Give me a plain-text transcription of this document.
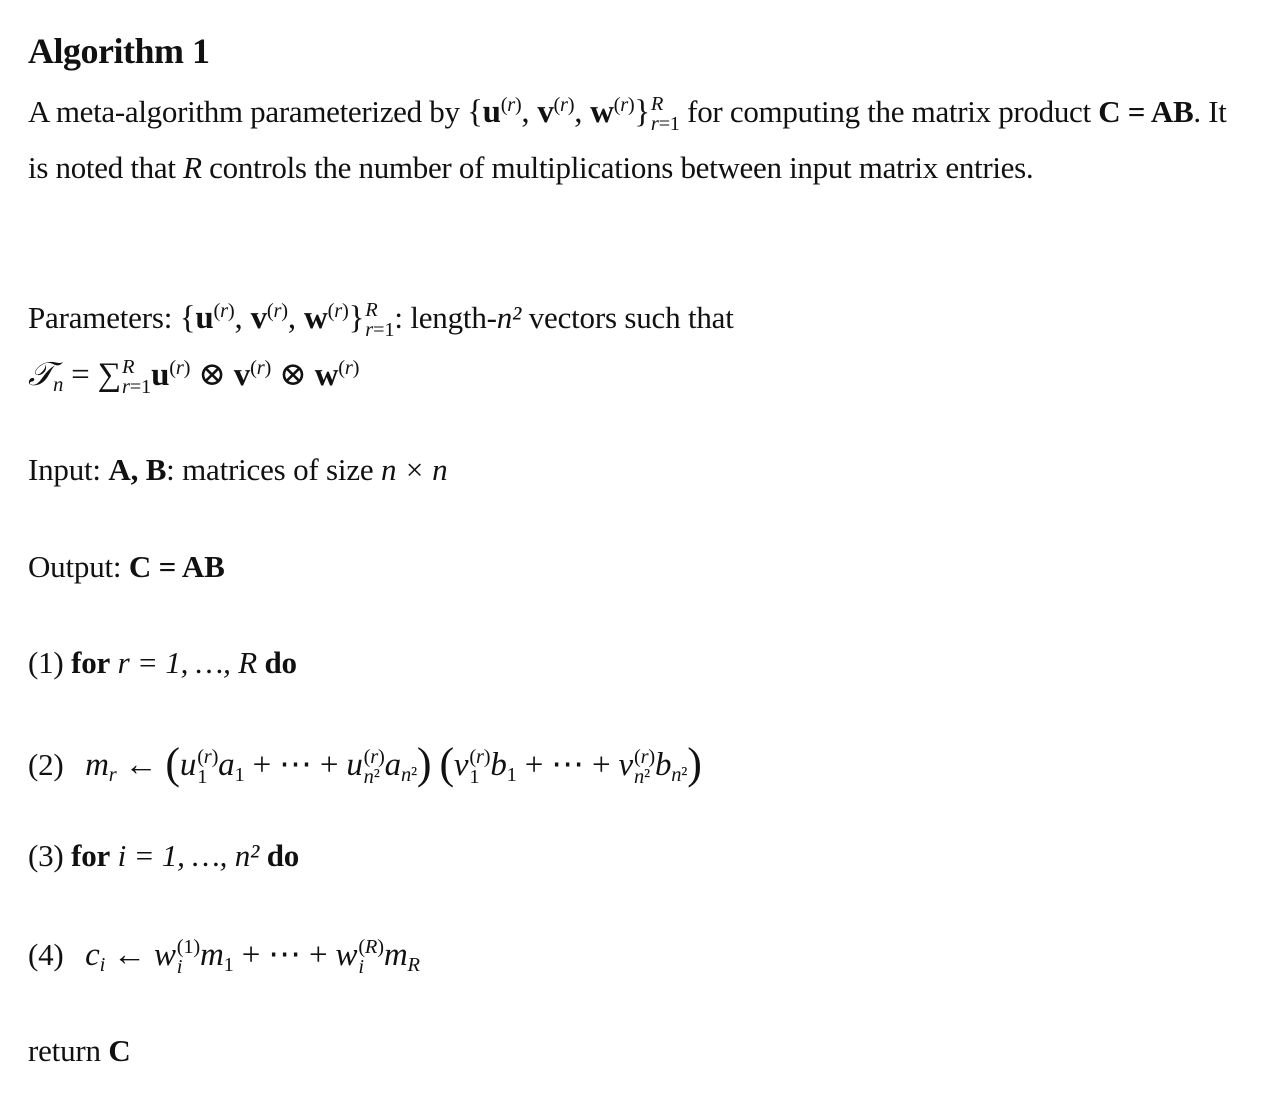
Algorithm 1
A meta-algorithm parameterized by {$u^{(r)}$, $v^{(r)}$, $w^{(r)}$} R
r=1 for computing the matrix product C = AB. It is noted that R controls the number of multiplications between input matrix entries.
Parameters: {$u^{(r)}$, $v^{(r)}$, $w^{(r)}$} R
r=1 : length-n² vectors such that
𝒯$_n$ = ∑ R
r=1 $u^{(r)}$ ⊗ $v^{(r)}$ ⊗ $w^{(r)}$
Input: A, B: matrices of size n × n
Output: C = AB
(1) for r = 1, …, R do
(2) $m_r$ ← (u (r)
1 $a_1$ + ⋯ + u (r)
n² $a_{n^2}$) (v (r)
1 $b_1$ + ⋯ + v (r)
n² $b_{n^2}$)
(3) for i = 1, …, n² do
(4) $c_i$ ← w (1)
i $m_1$ + ⋯ + w (R)
i $m_R$
return C
